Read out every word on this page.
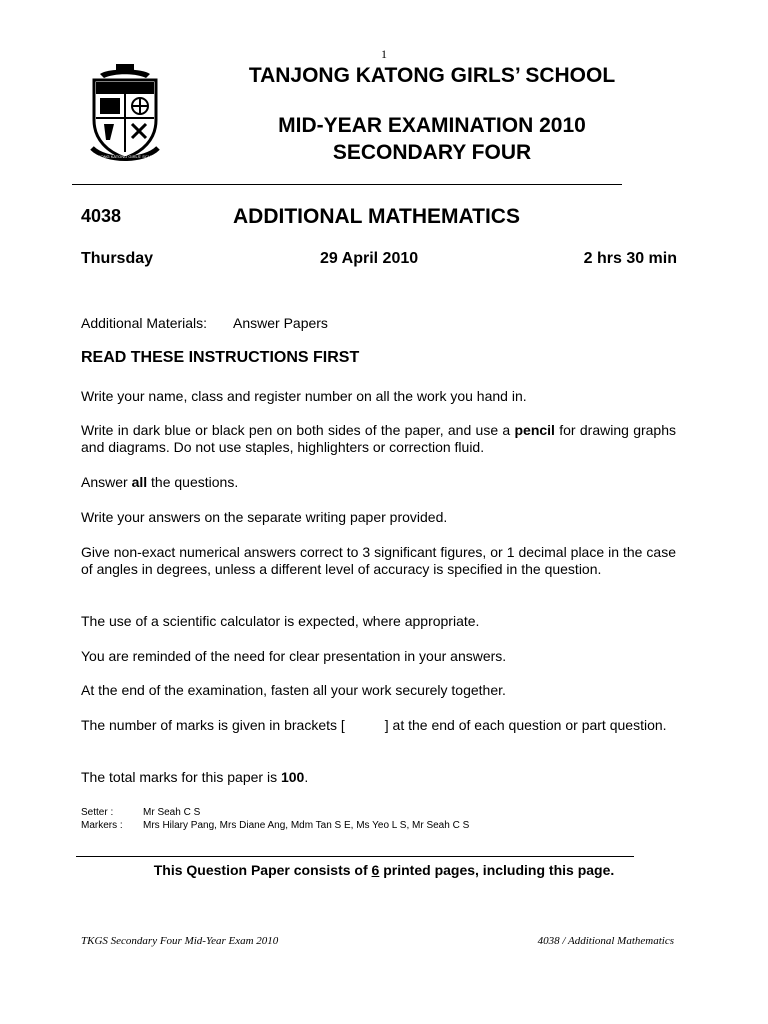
1
TANJONG KATONG GIRLS' SCHOOL
TANJONG KATONG GIRLS’ SCHOOL
MID-YEAR EXAMINATION 2010
SECONDARY FOUR
4038	ADDITIONAL MATHEMATICS
Thursday	29 April 2010	2 hrs 30 min
Additional Materials: Answer Papers
READ THESE INSTRUCTIONS FIRST
Write your name, class and register number on all the work you hand in.
Write in dark blue or black pen on both sides of the paper, and use a pencil for drawing graphs and diagrams. Do not use staples, highlighters or correction fluid.
Answer all the questions.
Write your answers on the separate writing paper provided.
Give non-exact numerical answers correct to 3 significant figures, or 1 decimal place in the case of angles in degrees, unless a different level of accuracy is specified in the question.
The use of a scientific calculator is expected, where appropriate.
You are reminded of the need for clear presentation in your answers.
At the end of the examination, fasten all your work securely together.
The number of marks is given in brackets [	] at the end of each question or part question.
The total marks for this paper is 100.
Setter :	Mr Seah C S
Markers : Mrs Hilary Pang, Mrs Diane Ang, Mdm Tan S E, Ms Yeo L S, Mr Seah C S
This Question Paper consists of 6 printed pages, including this page.
TKGS Secondary Four Mid-Year Exam 2010	4038 / Additional Mathematics
